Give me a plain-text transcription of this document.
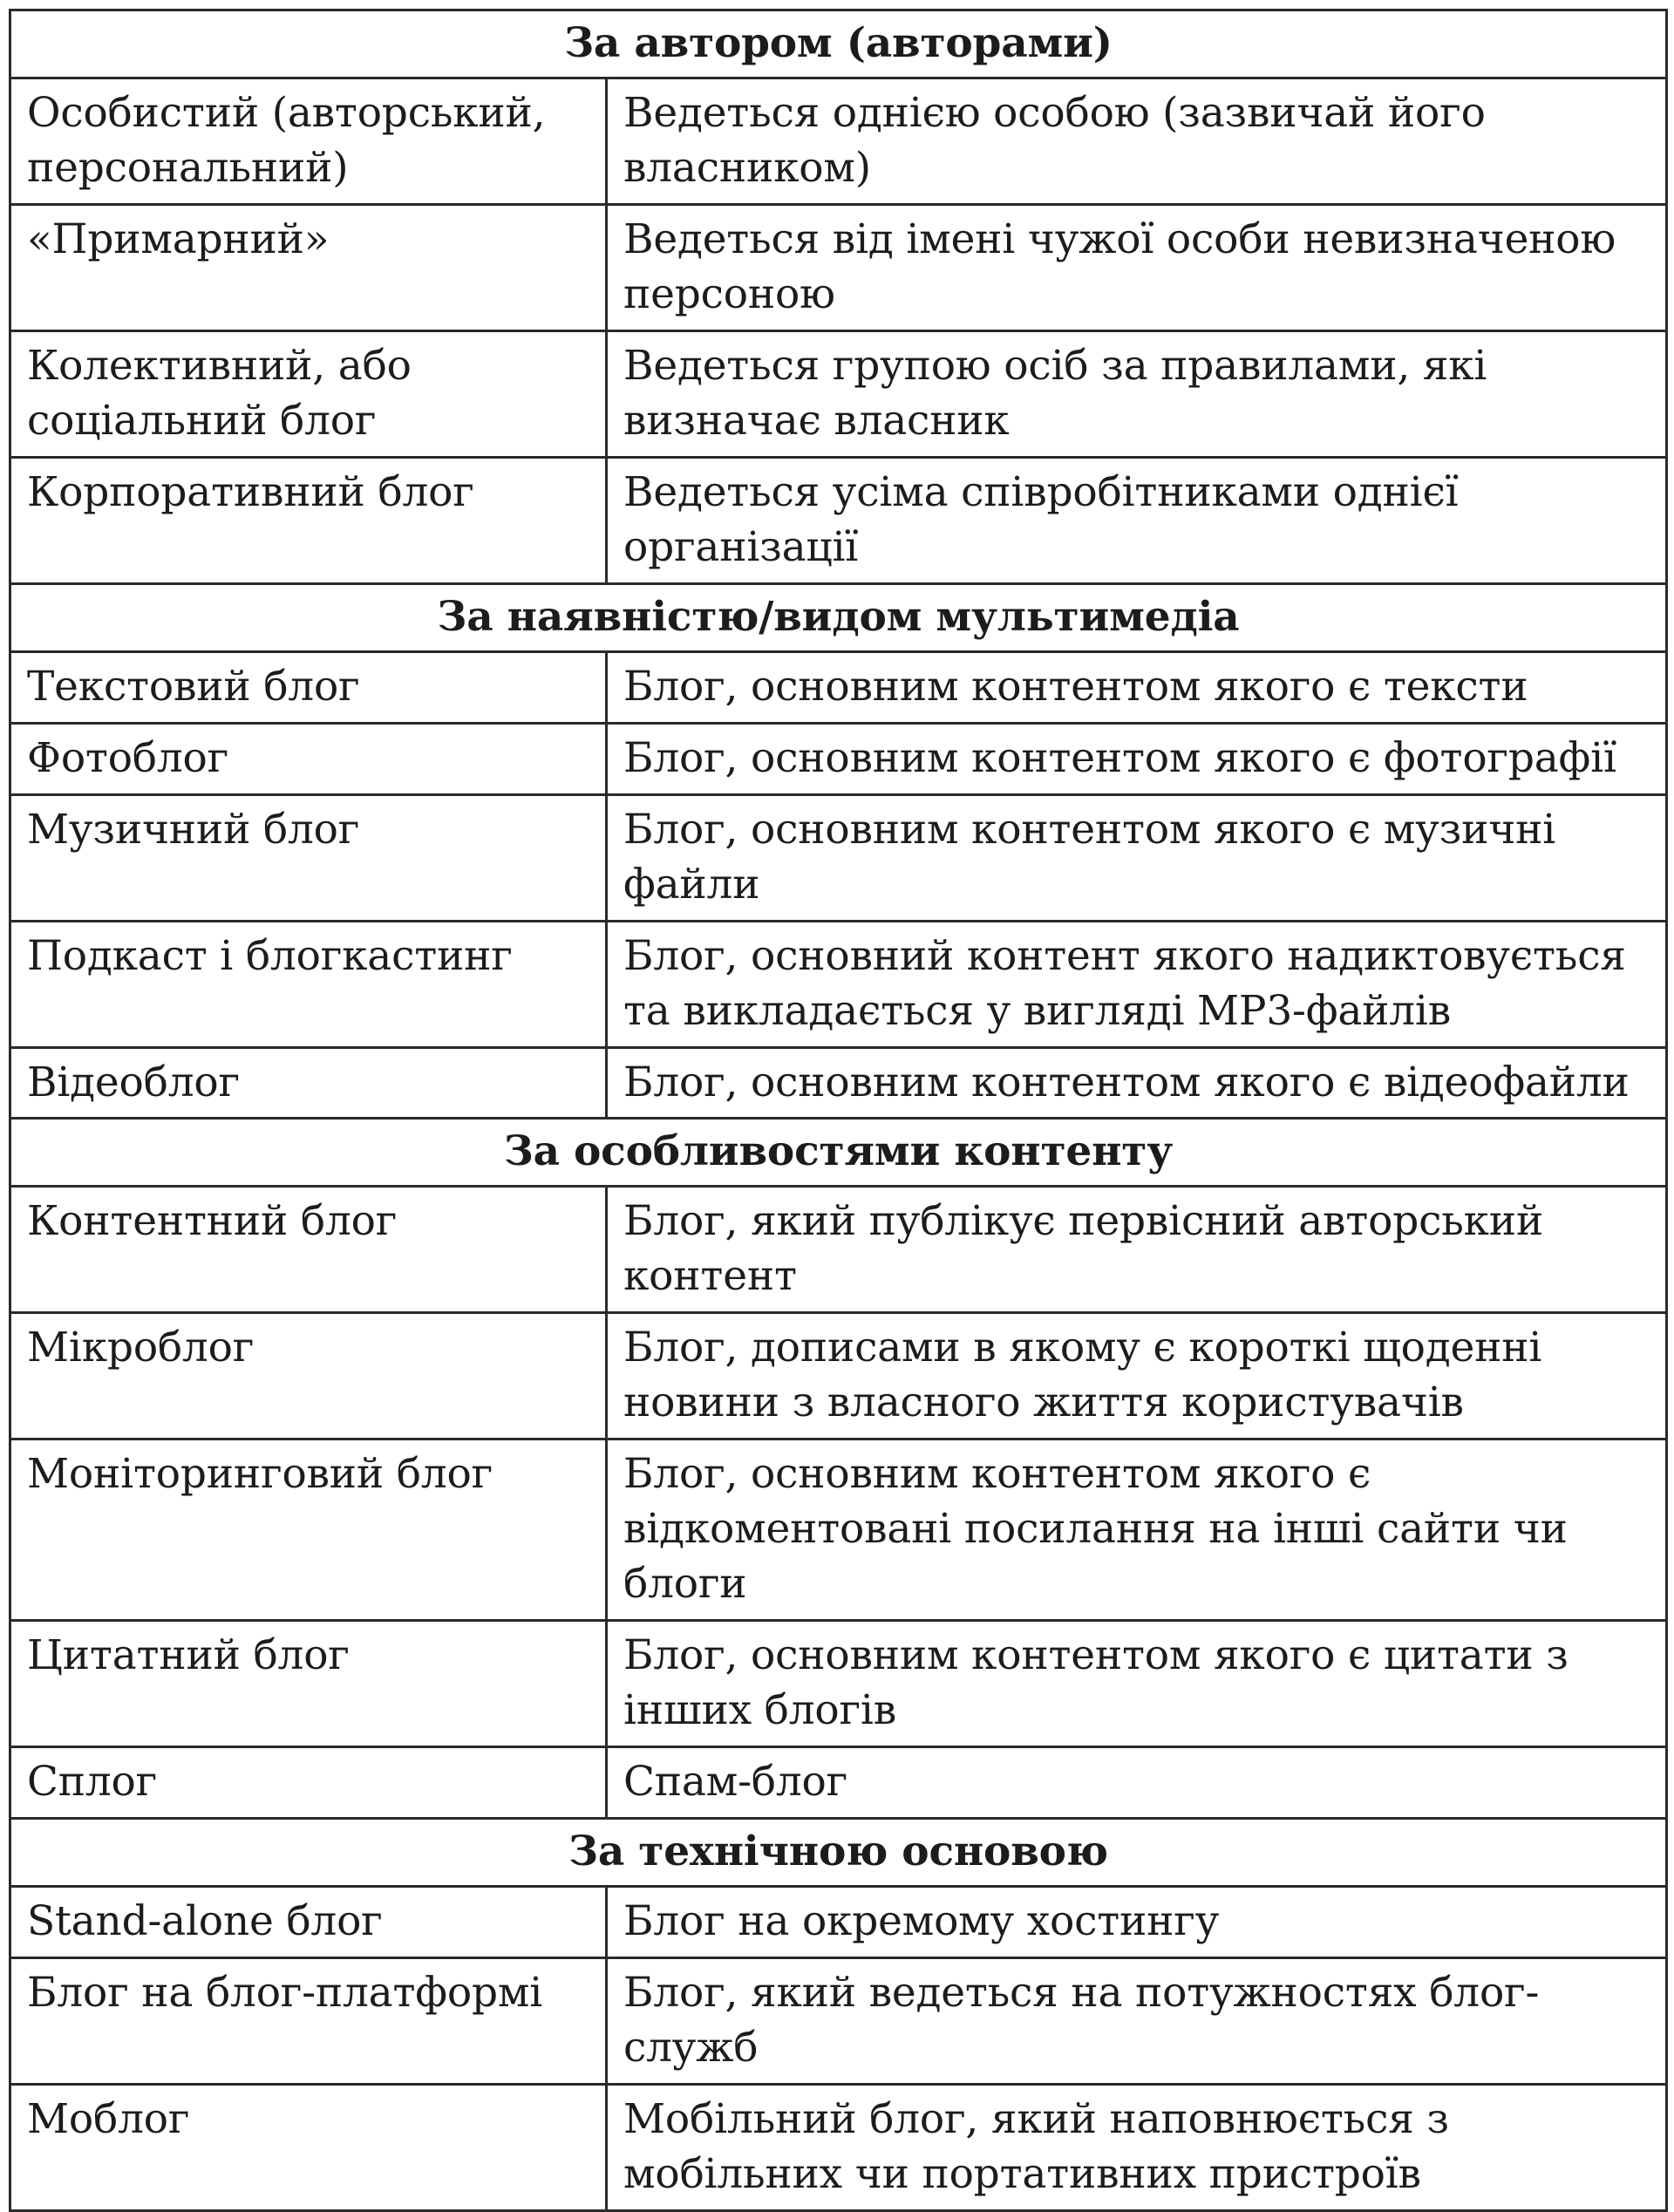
За автором (авторами)	
Особистий (авторський, персональний)	Ведеться однією особою (зазвичай його власником)
«Примарний»	Ведеться від імені чужої особи невизначеною персоною
Колективний, або соціальний блог	Ведеться групою осіб за правилами, які визначає власник
Корпоративний блог	Ведеться усіма співробітниками однієї організації
За наявністю/видом мультимедіа	
Текстовий блог	Блог, основним контентом якого є тексти
Фотоблог	Блог, основним контентом якого є фотографії
Музичний блог	Блог, основним контентом якого є музичні файли
Подкаст і блогкастинг	Блог, основний контент якого надиктовується та викладається у вигляді МР3-файлів
Відеоблог	Блог, основним контентом якого є відеофайли
За особливостями контенту	
Контентний блог	Блог, який публікує первісний авторський контент
Мікроблог	Блог, дописами в якому є короткі щоденні новини з власного життя користувачів
Моніторинговий блог	Блог, основним контентом якого є відкоментовані посилання на інші сайти чи блоги
Цитатний блог	Блог, основним контентом якого є цитати з інших блогів
Сплог	Спам-блог
За технічною основою	
Stand-alone блог	Блог на окремому хостингу
Блог на блог-платформі	Блог, який ведеться на потужностях блог-служб
Моблог	Мобільний блог, який наповнюється з мобільних чи портативних пристроїв
